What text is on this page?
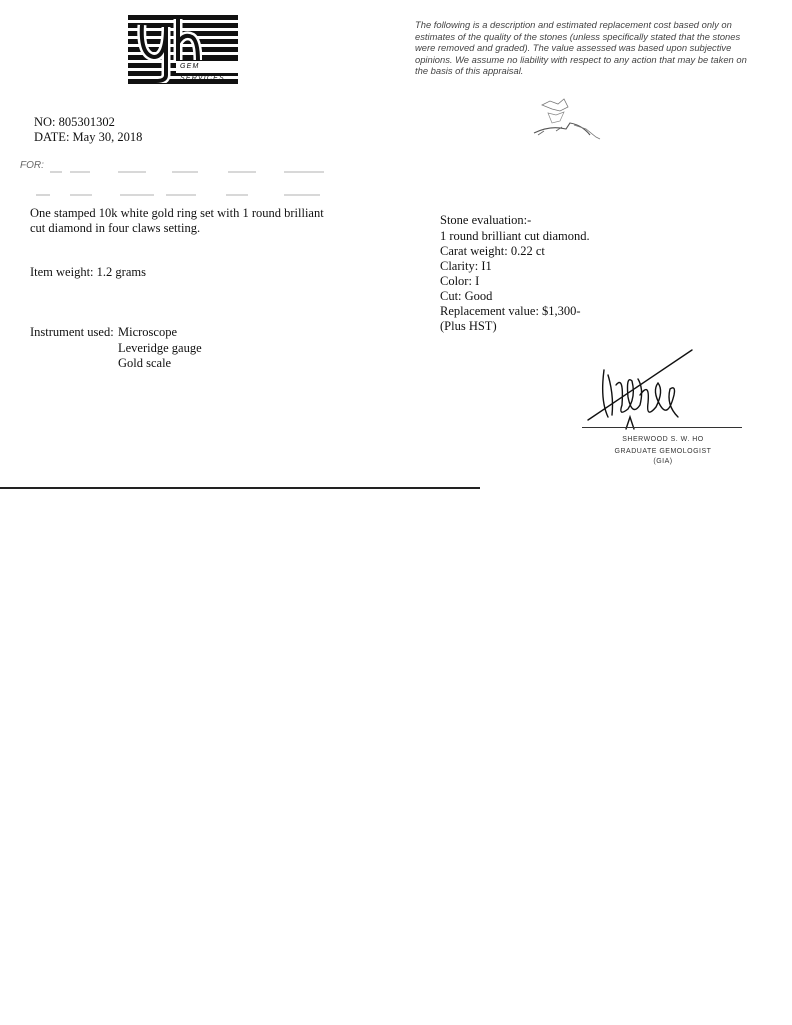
GEM SERVICES
The following is a description and estimated replacement cost based only on estimates of the quality of the stones (unless specifically stated that the stones were removed and graded). The value assessed was based upon subjective opinions. We assume no liability with respect to any action that may be taken on the basis of this appraisal.
NO: 805301302
DATE: May 30, 2018
FOR:
One stamped 10k white gold ring set with 1 round brilliant
cut diamond in four claws setting.
Item weight: 1.2 grams
Instrument used: Microscope
Leveridge gauge
Gold scale
Stone evaluation:-
1 round brilliant cut diamond.
Carat weight: 0.22 ct
Clarity: I1
Color: I
Cut: Good
Replacement value: $1,300-
(Plus HST)
SHERWOOD S. W. HO
GRADUATE GEMOLOGIST
(GIA)
